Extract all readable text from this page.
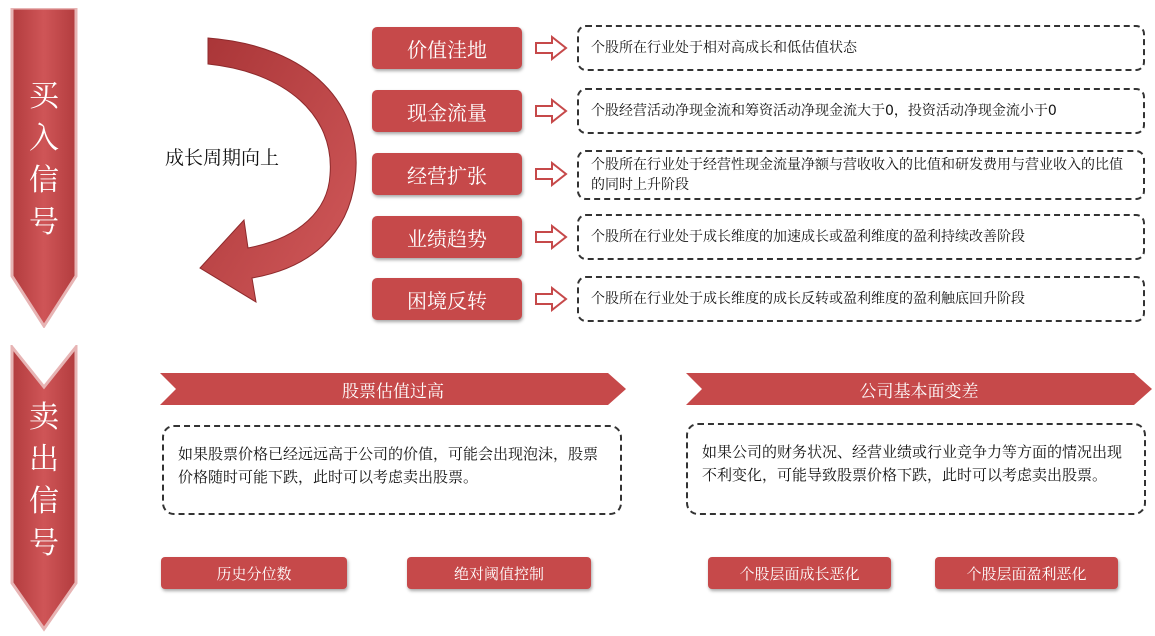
买
入
信
号
成长周期向上
价值洼地	个股所在行业处于相对高成长和低估值状态
现金流量	个股经营活动净现金流和筹资活动净现金流大于0，投资活动净现金流小于0
经营扩张	个股所在行业处于经营性现金流量净额与营收收入的比值和研发费用与营业收入的比值的同时上升阶段
业绩趋势	个股所在行业处于成长维度的加速成长或盈利维度的盈利持续改善阶段
困境反转	个股所在行业处于成长维度的成长反转或盈利维度的盈利触底回升阶段
卖
出
信
号
股票估值过高	公司基本面变差
如果股票价格已经远远高于公司的价值，可能会出现泡沫，股票价格随时可能下跌，此时可以考虑卖出股票。
如果公司的财务状况、经营业绩或行业竞争力等方面的情况出现不利变化，可能导致股票价格下跌，此时可以考虑卖出股票。
历史分位数	绝对阈值控制	个股层面成长恶化	个股层面盈利恶化
